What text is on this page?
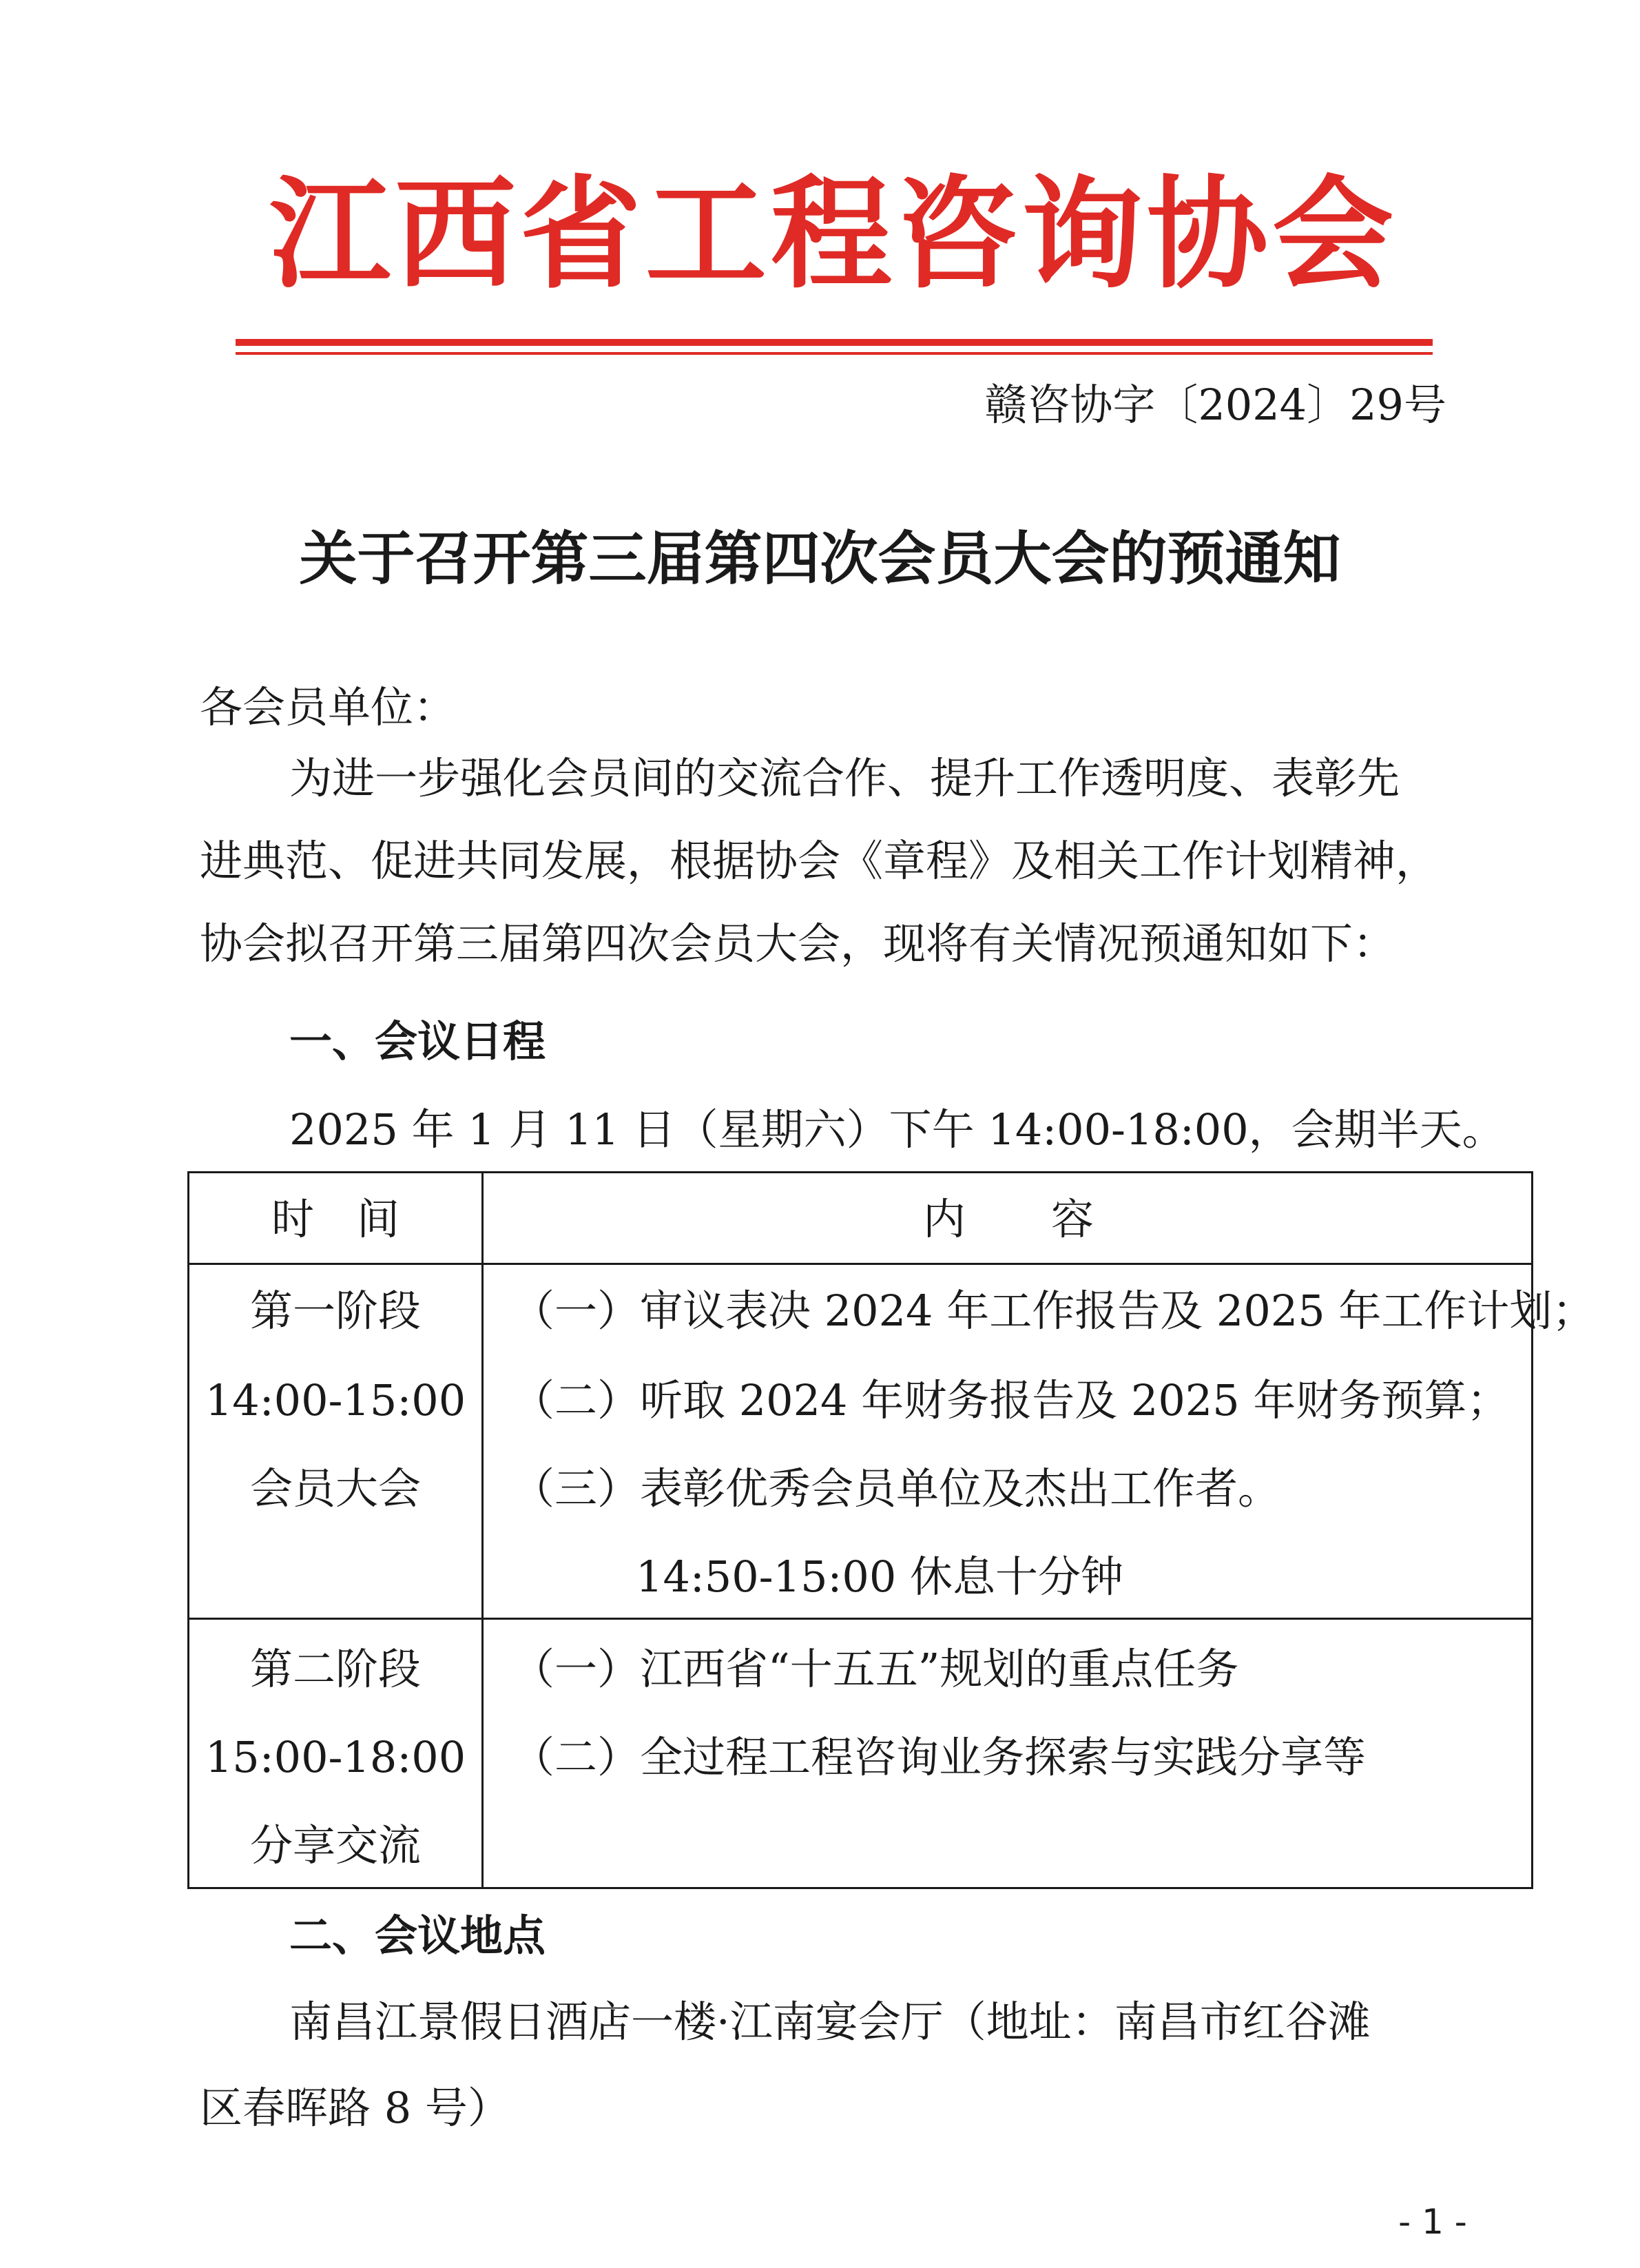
江西省工程咨询协会
赣咨协字〔2024〕29号
关于召开第三届第四次会员大会的预通知
各会员单位：
为进一步强化会员间的交流合作、提升工作透明度、表彰先
进典范、促进共同发展，根据协会《章程》及相关工作计划精神，
协会拟召开第三届第四次会员大会，现将有关情况预通知如下：
一、会议日程
2025 年 1 月 11 日（星期六）下午 14:00-18:00，会期半天。
时　间	内　　容
第一阶段
14:00-15:00
会员大会
（一）审议表决 2024 年工作报告及 2025 年工作计划；
（二）听取 2024 年财务报告及 2025 年财务预算；
（三）表彰优秀会员单位及杰出工作者。
14:50-15:00 休息十分钟
第二阶段
15:00-18:00
分享交流
（一）江西省“十五五”规划的重点任务
（二）全过程工程咨询业务探索与实践分享等
二、会议地点
南昌江景假日酒店一楼·江南宴会厅（地址：南昌市红谷滩
区春晖路 8 号）
- 1 -
